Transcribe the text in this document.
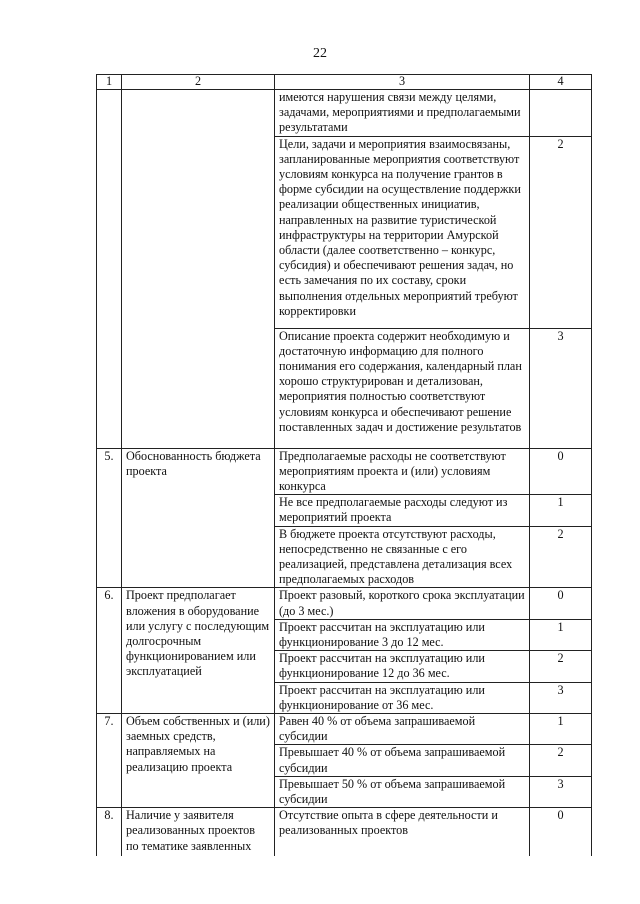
22
1	2	3	4
		имеются нарушения связи между целями, задачами, мероприятиями и предполагаемыми результатами	
		Цели, задачи и мероприятия взаимосвязаны, запланированные мероприятия соответствуют условиям конкурса на получение грантов в форме субсидии на осуществление поддержки реализации общественных инициатив, направленных на развитие туристической инфраструктуры на территории Амурской области (далее соответственно – конкурс, субсидия) и обеспечивают решения задач, но есть замечания по их составу, сроки выполнения отдельных мероприятий требуют корректировки	2
		Описание проекта содержит необходимую и достаточную информацию для полного понимания его содержания, календарный план хорошо структурирован и детализован, мероприятия полностью соответствуют условиям конкурса и обеспечивают решение поставленных задач и достижение результатов	3
5.	Обоснованность бюджета проекта	Предполагаемые расходы не соответствуют мероприятиям проекта и (или) условиям конкурса	0
		Не все предполагаемые расходы следуют из мероприятий проекта	1
		В бюджете проекта отсутствуют расходы, непосредственно не связанные с его реализацией, представлена детализация всех предполагаемых расходов	2
6.	Проект предполагает вложения в оборудование или услугу с последующим долгосрочным функционированием или эксплуатацией	Проект разовый, короткого срока эксплуатации (до 3 мес.)	0
		Проект рассчитан на эксплуатацию или функционирование 3 до 12 мес.	1
		Проект рассчитан на эксплуатацию или функционирование 12 до 36 мес.	2
		Проект рассчитан на эксплуатацию или функционирование от 36 мес.	3
7.	Объем собственных и (или) заемных средств, направляемых на реализацию проекта	Равен 40 % от объема запрашиваемой субсидии	1
		Превышает 40 % от объема запрашиваемой субсидии	2
		Превышает 50 % от объема запрашиваемой субсидии	3
8.	Наличие у заявителя реализованных проектов по тематике заявленных	Отсутствие опыта в сфере деятельности и реализованных проектов	0
